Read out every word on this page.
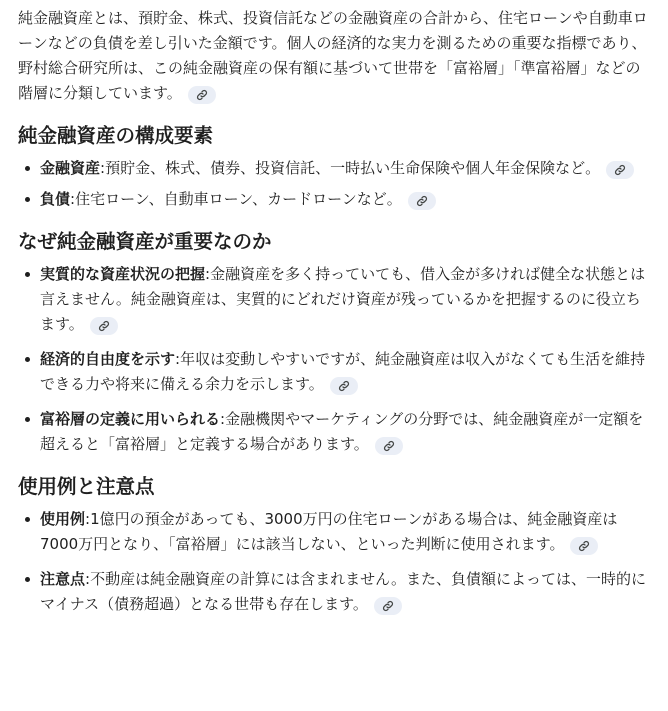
純金融資産とは、預貯金、株式、投資信託などの金融資産の合計から、住宅ローンや自動車ローンなどの負債を差し引いた金額です。個人の経済的な実力を測るための重要な指標であり、野村総合研究所は、この純金融資産の保有額に基づいて世帯を「富裕層」「準富裕層」などの階層に分類しています。

純金融資産の構成要素
金融資産:預貯金、株式、債券、投資信託、一時払い生命保険や個人年金保険など。
負債:住宅ローン、自動車ローン、カードローンなど。
なぜ純金融資産が重要なのか
実質的な資産状況の把握:金融資産を多く持っていても、借入金が多ければ健全な状態とは言えません。純金融資産は、実質的にどれだけ資産が残っているかを把握するのに役立ちます。
経済的自由度を示す:年収は変動しやすいですが、純金融資産は収入がなくても生活を維持できる力や将来に備える余力を示します。
富裕層の定義に用いられる:金融機関やマーケティングの分野では、純金融資産が一定額を超えると「富裕層」と定義する場合があります。
使用例と注意点
使用例:1億円の預金があっても、3000万円の住宅ローンがある場合は、純金融資産は7000万円となり、「富裕層」には該当しない、といった判断に使用されます。
注意点:不動産は純金融資産の計算には含まれません。また、負債額によっては、一時的にマイナス（債務超過）となる世帯も存在します。
